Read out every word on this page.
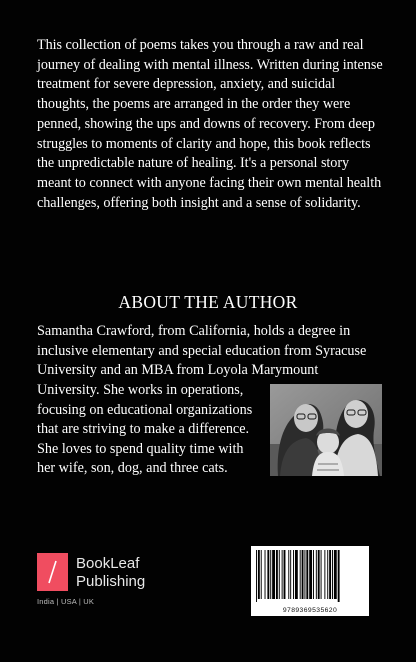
This collection of poems takes you through a raw and real journey of dealing with mental illness. Written during intense treatment for severe depression, anxiety, and suicidal thoughts, the poems are arranged in the order they were penned, showing the ups and downs of recovery. From deep struggles to moments of clarity and hope, this book reflects the unpredictable nature of healing. It's a personal story meant to connect with anyone facing their own mental health challenges, offering both insight and a sense of solidarity.

ABOUT THE AUTHOR

Samantha Crawford, from California, holds a degree in inclusive elementary and special education from Syracuse University and an MBA from Loyola Marymount

University. She works in operations,
focusing on educational organizations
that are striving to make a difference.
She loves to spend quality time with
her wife, son, dog, and three cats.

BookLeaf
Publishing
India | USA | UK
9789369535620
